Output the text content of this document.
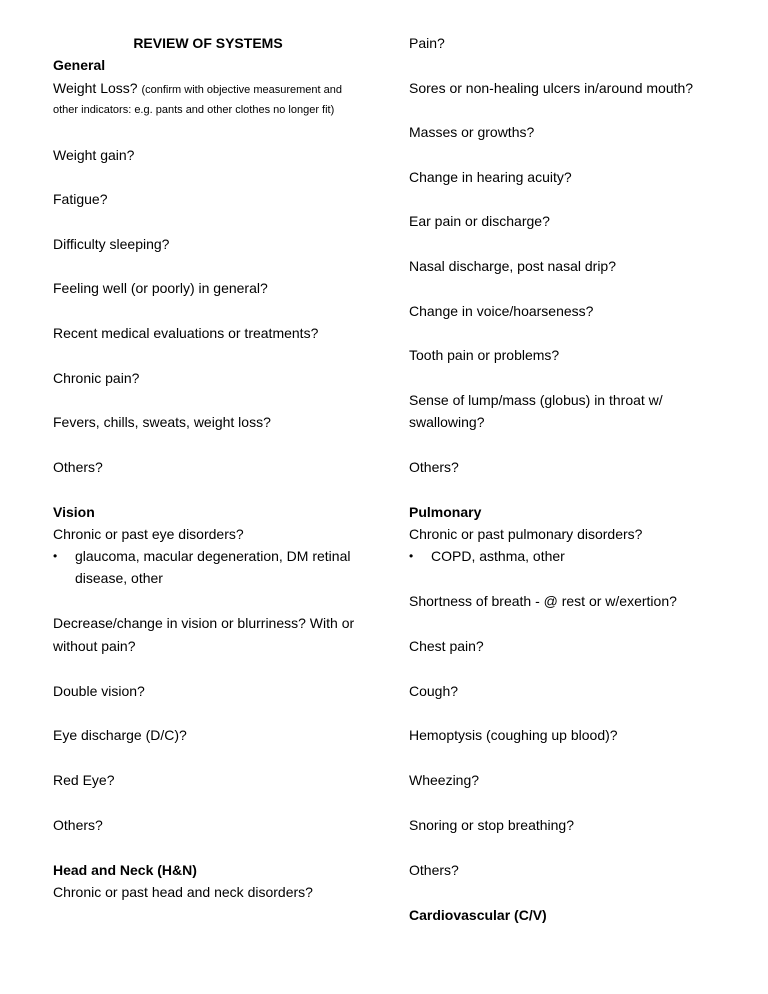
REVIEW OF SYSTEMS
General
Weight Loss? (confirm with objective measurement and
other indicators: e.g. pants and other clothes no longer fit)
Weight gain?
Fatigue?
Difficulty sleeping?
Feeling well (or poorly) in general?
Recent medical evaluations or treatments?
Chronic pain?
Fevers, chills, sweats, weight loss?
Others?
Vision
Chronic or past eye disorders?
• glaucoma, macular degeneration, DM retinal disease, other
Decrease/change in vision or blurriness? With or
without pain?
Double vision?
Eye discharge (D/C)?
Red Eye?
Others?
Head and Neck (H&N)
Chronic or past head and neck disorders?
Pain?
Sores or non-healing ulcers in/around mouth?
Masses or growths?
Change in hearing acuity?
Ear pain or discharge?
Nasal discharge, post nasal drip?
Change in voice/hoarseness?
Tooth pain or problems?
Sense of lump/mass (globus) in throat w/
swallowing?
Others?
Pulmonary
Chronic or past pulmonary disorders?
• COPD, asthma, other
Shortness of breath - @ rest or w/exertion?
Chest pain?
Cough?
Hemoptysis (coughing up blood)?
Wheezing?
Snoring or stop breathing?
Others?
Cardiovascular (C/V)
